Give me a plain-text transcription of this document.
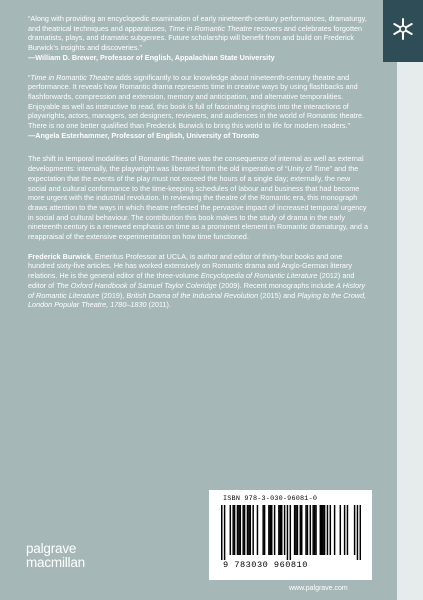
“Along with providing an encyclopedic examination of early nineteenth-century performances, dramaturgy, and theatrical techniques and apparatuses, Time in Romantic Theatre recovers and celebrates forgotten dramatists, plays, and dramatic subgenres. Future scholarship will benefit from and build on Frederick Burwick’s insights and discoveries.”

—William D. Brewer, Professor of English, Appalachian State University

“Time in Romantic Theatre adds significantly to our knowledge about nineteenth-century theatre and performance. It reveals how Romantic drama represents time in creative ways by using flashbacks and flashforwards, compression and extension, memory and anticipation, and alternative temporalities. Enjoyable as well as instructive to read, this book is full of fascinating insights into the interactions of playwrights, actors, managers, set designers, reviewers, and audiences in the world of Romantic theatre. There is no one better qualified than Frederick Burwick to bring this world to life for modern readers.”

—Angela Esterhammer, Professor of English, University of Toronto

The shift in temporal modalities of Romantic Theatre was the consequence of internal as well as external developments: internally, the playwright was liberated from the old imperative of “Unity of Time” and the expectation that the events of the play must not exceed the hours of a single day; externally, the new social and cultural conformance to the time-keeping schedules of labour and business that had become more urgent with the industrial revolution. In reviewing the theatre of the Romantic era, this monograph draws attention to the ways in which theatre reflected the pervasive impact of increased temporal urgency in social and cultural behaviour. The contribution this book makes to the study of drama in the early nineteenth century is a renewed emphasis on time as a prominent element in Romantic dramaturgy, and a reappraisal of the extensive experimentation on how time functioned.

Frederick Burwick, Emeritus Professor at UCLA, is author and editor of thirty-four books and one hundred sixty-five articles. He has worked extensively on Romantic drama and Anglo-German literary relations. He is the general editor of the three-volume Encyclopedia of Romantic Literature (2012) and editor of The Oxford Handbook of Samuel Taylor Coleridge (2009). Recent monographs include A History of Romantic Literature (2019), British Drama of the Industrial Revolution (2015) and Playing to the Crowd, London Popular Theatre, 1780–1830 (2011).

ISBN 978-3-030-96081-0
9 783030 960810
palgrave
macmillan
www.palgrave.com
